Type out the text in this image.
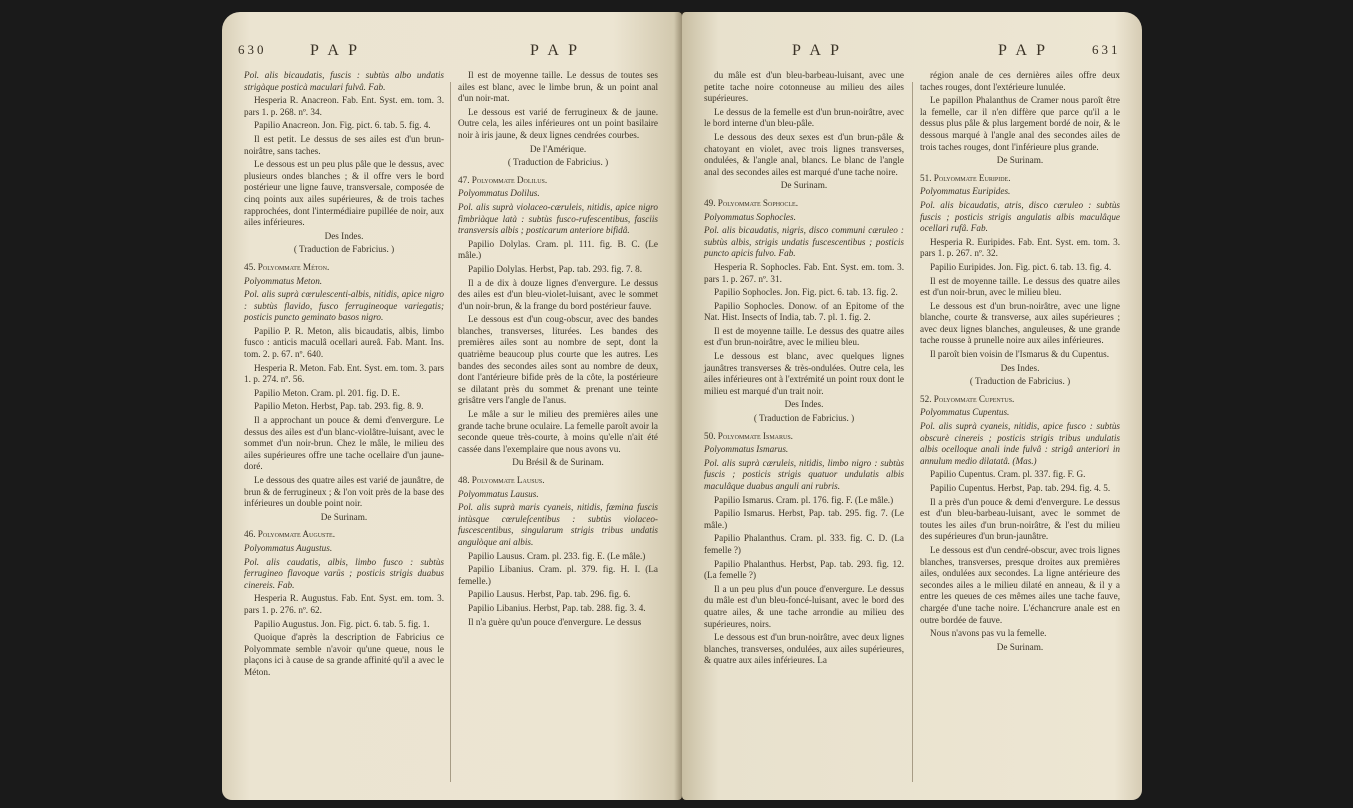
630	P A P	P A P

Pol. alis bicaudatis, fuscis : subtùs albo undatis strigàque posticà maculari fulvâ. Fab.

Hesperia R. Anacreon. Fab. Ent. Syst. em. tom. 3. pars 1. p. 268. nº. 34.

Papilio Anacreon. Jon. Fig. pict. 6. tab. 5. fig. 4.

Il est petit. Le dessus de ses ailes est d'un brun-noirâtre, sans taches.

Le dessous est un peu plus pâle que le dessus, avec plusieurs ondes blanches ; & il offre vers le bord postérieur une ligne fauve, transversale, composée de cinq points aux ailes supérieures, & de trois taches rapprochées, dont l'intermédiaire pupillée de noir, aux ailes inférieures.

Des Indes.

( Traduction de Fabricius. )

45. Polyommate Méton.

Polyommatus Meton.

Pol. alis suprà cœrulescenti-albis, nitidis, apice nigro : subtùs flavido, fusco ferrugineoque variegatis; posticis puncto geminato basos nigro.

Papilio P. R. Meton, alis bicaudatis, albis, limbo fusco : anticis maculâ ocellari aureâ. Fab. Mant. Ins. tom. 2. p. 67. nº. 640.

Hesperia R. Meton. Fab. Ent. Syst. em. tom. 3. pars 1. p. 274. nº. 56.

Papilio Meton. Cram. pl. 201. fig. D. E.

Papilio Meton. Herbst, Pap. tab. 293. fig. 8. 9.

Il a approchant un pouce & demi d'envergure. Le dessus des ailes est d'un blanc-violâtre-luisant, avec le sommet d'un noir-brun. Chez le mâle, le milieu des ailes supérieures offre une tache ocellaire d'un jaune-doré.

Le dessous des quatre ailes est varié de jaunâtre, de brun & de ferrugineux ; & l'on voit près de la base des inférieures un double point noir.

De Surinam.

46. Polyommate Auguste.

Polyommatus Augustus.

Pol. alis caudatis, albis, limbo fusco : subtùs ferrugineo flavoque varüs ; posticis strigis duabus cinereis. Fab.

Hesperia R. Augustus. Fab. Ent. Syst. em. tom. 3. pars 1. p. 276. nº. 62.

Papilio Augustus. Jon. Fig. pict. 6. tab. 5. fig. 1.

Quoique d'après la description de Fabricius ce Polyommate semble n'avoir qu'une queue, nous le plaçons ici à cause de sa grande affinité qu'il a avec le Méton.

Il est de moyenne taille. Le dessus de toutes ses ailes est blanc, avec le limbe brun, & un point anal d'un noir-mat.

Le dessous est varié de ferrugineux & de jaune. Outre cela, les ailes inférieures ont un point basilaire noir à iris jaune, & deux lignes cendrées courbes.

De l'Amérique.

( Traduction de Fabricius. )

47. Polyommate Dolilus.

Polyommatus Dolilus.

Pol. alis suprà violaceo-cæruleis, nitidis, apice nigro fimbriàque latà : subtùs fusco-rufescentibus, fasciis transversis albis ; posticarum anteriore bifidâ.

Papilio Dolylas. Cram. pl. 111. fig. B. C. (Le mâle.)

Papilio Dolylas. Herbst, Pap. tab. 293. fig. 7. 8.

Il a de dix à douze lignes d'envergure. Le dessus des ailes est d'un bleu-violet-luisant, avec le sommet d'un noir-brun, & la frange du bord postérieur fauve.

Le dessous est d'un coug-obscur, avec des bandes blanches, transverses, liturées. Les bandes des premières ailes sont au nombre de sept, dont la quatrième beaucoup plus courte que les autres. Les bandes des secondes ailes sont au nombre de deux, dont l'antérieure bifide près de la côte, la postérieure se dilatant près du sommet & prenant une teinte grisâtre vers l'angle de l'anus.

Le mâle a sur le milieu des premières ailes une grande tache brune oculaire. La femelle paroît avoir la seconde queue très-courte, à moins qu'elle n'ait été cassée dans l'exemplaire que nous avons vu.

Du Brésil & de Surinam.

48. Polyommate Lausus.

Polyommatus Lausus.

Pol. alis suprà maris cyaneis, nitidis, fæmina fuscis intùsque cœruleſcentibus : subtùs violaceo-fuscescentibus, singularum strigis tribus undatis angulòque ani albis.

Papilio Lausus. Cram. pl. 233. fig. E. (Le mâle.)

Papilio Libanius. Cram. pl. 379. fig. H. I. (La femelle.)

Papilio Lausus. Herbst, Pap. tab. 296. fig. 6.

Papilio Libanius. Herbst, Pap. tab. 288. fig. 3. 4.

Il n'a guère qu'un pouce d'envergure. Le dessus

P A P	P A P	631

du mâle est d'un bleu-barbeau-luisant, avec une petite tache noire cotonneuse au milieu des ailes supérieures.

Le dessus de la femelle est d'un brun-noirâtre, avec le bord interne d'un bleu-pâle.

Le dessous des deux sexes est d'un brun-pâle & chatoyant en violet, avec trois lignes transverses, ondulées, & l'angle anal, blancs. Le blanc de l'angle anal des secondes ailes est marqué d'une tache noire.

De Surinam.

49. Polyommate Sophocle.

Polyommatus Sophocles.

Pol. alis bicaudatis, nigris, disco communi cæruleo : subtùs albis, strigis undatis fuscescentibus ; posticis puncto apicis fulvo. Fab.

Hesperia R. Sophocles. Fab. Ent. Syst. em. tom. 3. pars 1. p. 267. nº. 31.

Papilio Sophocles. Jon. Fig. pict. 6. tab. 13. fig. 2.

Papilio Sophocles. Donow. of an Epitome of the Nat. Hist. Insects of India, tab. 7. pl. 1. fig. 2.

Il est de moyenne taille. Le dessus des quatre ailes est d'un brun-noirâtre, avec le milieu bleu.

Le dessous est blanc, avec quelques lignes jaunâtres transverses & très-ondulées. Outre cela, les ailes inférieures ont à l'extrémité un point roux dont le milieu est marqué d'un trait noir.

Des Indes.

( Traduction de Fabricius. )

50. Polyommate Ismarus.

Polyommatus Ismarus.

Pol. alis suprà cæruleis, nitidis, limbo nigro : subtùs fuscis ; posticis strigis quatuor undulatis albis maculâque duabus anguli ani rubris.

Papilio Ismarus. Cram. pl. 176. fig. F. (Le mâle.)

Papilio Ismarus. Herbst, Pap. tab. 295. fig. 7. (Le mâle.)

Papilio Phalanthus. Cram. pl. 333. fig. C. D. (La femelle ?)

Papilio Phalanthus. Herbst, Pap. tab. 293. fig. 12. (La femelle ?)

Il a un peu plus d'un pouce d'envergure. Le dessus du mâle est d'un bleu-foncé-luisant, avec le bord des quatre ailes, & une tache arrondie au milieu des supérieures, noirs.

Le dessous est d'un brun-noirâtre, avec deux lignes blanches, transverses, ondulées, aux ailes supérieures, & quatre aux ailes inférieures. La

région anale de ces dernières ailes offre deux taches rouges, dont l'extérieure lunulée.

Le papillon Phalanthus de Cramer nous paroît être la femelle, car il n'en diffère que parce qu'il a le dessus plus pâle & plus largement bordé de noir, & le dessous marqué à l'angle anal des secondes ailes de trois taches rouges, dont l'inférieure plus grande.

De Surinam.

51. Polyommate Euripide.

Polyommatus Euripides.

Pol. alis bicaudatis, atris, disco cæruleo : subtùs fuscis ; posticis strigis angulatis albis maculâque ocellari rufâ. Fab.

Hesperia R. Euripides. Fab. Ent. Syst. em. tom. 3. pars 1. p. 267. nº. 32.

Papilio Euripides. Jon. Fig. pict. 6. tab. 13. fig. 4.

Il est de moyenne taille. Le dessus des quatre ailes est d'un noir-brun, avec le milieu bleu.

Le dessous est d'un brun-noirâtre, avec une ligne blanche, courte & transverse, aux ailes supérieures ; avec deux lignes blanches, anguleuses, & une grande tache rousse à prunelle noire aux ailes inférieures.

Il paroît bien voisin de l'Ismarus & du Cupentus.

Des Indes.

( Traduction de Fabricius. )

52. Polyommate Cupentus.

Polyommatus Cupentus.

Pol. alis suprà cyaneis, nitidis, apice fusco : subtùs obscurè cinereis ; posticis strigis tribus undulatis albis ocelloque anali inde fulvâ : strigâ anteriori in annulum medio dilatatâ. (Mas.)

Papilio Cupentus. Cram. pl. 337. fig. F. G.

Papilio Cupentus. Herbst, Pap. tab. 294. fig. 4. 5.

Il a près d'un pouce & demi d'envergure. Le dessus est d'un bleu-barbeau-luisant, avec le sommet de toutes les ailes d'un brun-noirâtre, & l'est du milieu des supérieures d'un brun-jaunâtre.

Le dessous est d'un cendré-obscur, avec trois lignes blanches, transverses, presque droites aux premières ailes, ondulées aux secondes. La ligne antérieure des secondes ailes a le milieu dilaté en anneau, & il y a entre les queues de ces mêmes ailes une tache fauve, chargée d'une tache noire. L'échancrure anale est en outre bordée de fauve.

Nous n'avons pas vu la femelle.

De Surinam.
